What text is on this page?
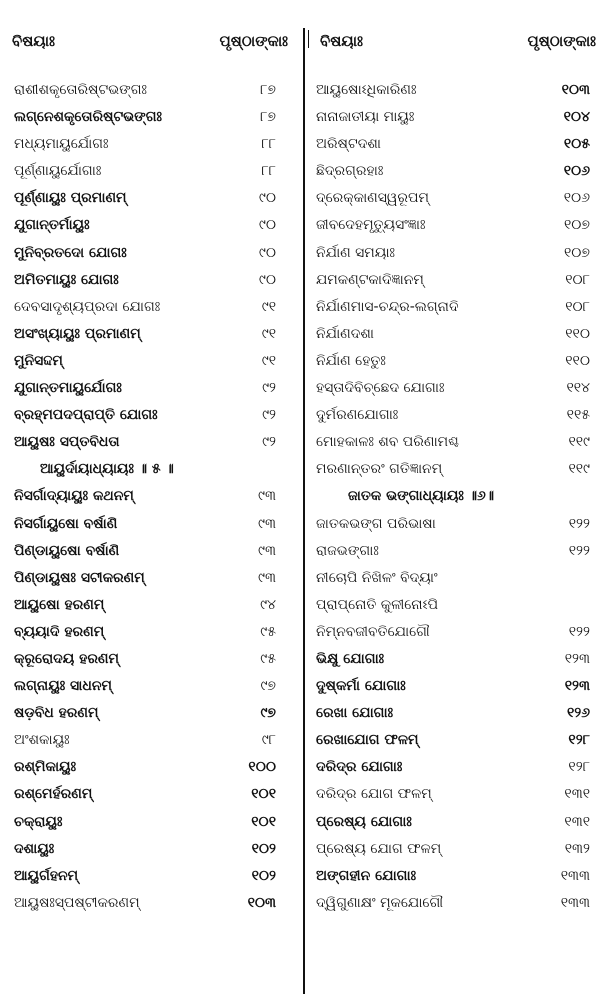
ବିଷୟାଃ	ପୃଷ୍ଠାଙ୍କାଃ
ରାଶୀଶକୃତୋରିଷ୍ଟଭଙ୍ଗଃ	୮୭
ଲଗ୍ନେଶକୃତୋରିଷ୍ଟଭଙ୍ଗଃ	୮୭
ମଧ୍ୟମାୟୁର୍ଯୋଗଃ	୮୮
ପୂର୍ଣ୍ଣାୟୁର୍ଯୋଗାଃ	୮୮
ପୂର୍ଣ୍ଣାୟୁଃ ପ୍ରମାଣମ୍	୯୦
ଯୁଗାନ୍ତର୍ମାୟୁଃ	୯୦
ମୁନିବ୍ରତଦୋ ଯୋଗଃ	୯୦
ଅମିତମାୟୁଃ ଯୋଗଃ	୯୦
ଦେବସାଦୃଶ୍ୟପ୍ରଦା ଯୋଗଃ	୯୧
ଅସଂଖ୍ୟାୟୁଃ ପ୍ରମାଣମ୍	୯୧
ମୁନିସଦ୍ଦମ୍	୯୧
ଯୁଗାନ୍ତମାୟୁର୍ଯୋଗଃ	୯୨
ବ୍ରହ୍ମପଦପ୍ରାପ୍ତି ଯୋଗଃ	୯୨
ଆୟୁଷଃ ସପ୍ତବିଧତା	୯୨
ଆୟୁର୍ଦାୟାଧ୍ୟାୟଃ ॥ ୫ ॥
ନିସର୍ଗାଦ୍ୟାୟୁଃ କଥନମ୍	୯୩
ନିସର୍ଗାୟୁଷୋ ବର୍ଷାଣି	୯୩
ପିଣ୍ଡାୟୁଷୋ ବର୍ଷାଣି	୯୩
ପିଣ୍ଡାୟୁଷଃ ସଟୀକରଣମ୍	୯୩
ଆୟୁଷୋ ହରଣମ୍	୯୪
ବ୍ୟୟାଦି ହରଣମ୍	୯୫
କ୍ରୂରୋଦୟ ହରଣମ୍	୯୫
ଲଗ୍ନାୟୁଃ ସାଧନମ୍	୯୭
ଷଡ଼ବିଧ ହରଣମ୍	୯୭
ଅଂଶକାୟୁଃ	୯୮
ରଶ୍ମିକାୟୁଃ	୧୦୦
ରଶ୍ମେର୍ହରଣମ୍	୧୦୧
ଚକ୍ରାୟୁଃ	୧୦୧
ଦଶାୟୁଃ	୧୦୨
ଆୟୁର୍ଗହନମ୍	୧୦୨
ଆୟୁଷଃସ୍ପଷ୍ଟୀକରଣମ୍	୧୦୩
ବିଷୟାଃ	ପୃଷ୍ଠାଙ୍କାଃ
ଆୟୁଷୋଽଧିକାରିଣଃ	୧୦୩
ନାନାଜାତୀୟା ମାୟୁଃ	୧୦୪
ଅରିଷ୍ଟଦଶା	୧୦୫
ଛିଦ୍ରଗ୍ରହାଃ	୧୦୬
ଦ୍ରେକ୍କାଣସ୍ୱରୂପମ୍	୧୦୬
ଜୀବଦେହମୃତ୍ୟୁସଂଜ୍ଞାଃ	୧୦୭
ନିର୍ଯାଣ ସମୟାଃ	୧୦୭
ଯମକଣ୍ଟକାଦିଜ୍ଞାନମ୍	୧୦୮
ନିର୍ଯାଣମାସ-ଚନ୍ଦ୍ର-ଲଗ୍ନାଦି	୧୦୮
ନିର୍ଯାଣଦଶା	୧୧୦
ନିର୍ଯାଣ ହେତୁଃ	୧୧୦
ହସ୍ତାଦିବିଚ୍ଛେଦ ଯୋଗାଃ	୧୧୪
ଦୁର୍ମରଣଯୋଗାଃ	୧୧୫
ମୋହକାଳଃ ଶବ ପରିଣାମଶ୍ଚ	୧୧୯
ମରଣାନ୍ତରଂ ଗତିଜ୍ଞାନମ୍	୧୧୯
ଜାତକ ଭଙ୍ଗାଧ୍ୟାୟଃ ॥୬॥
ଜାତକଭଙ୍ଗ ପରିଭାଷା	୧୨୨
ରାଜଭଙ୍ଗାଃ	୧୨୨
ନୀଚୋପି ନିଖିଳଂ ବିଦ୍ୟାଂ
ପ୍ରାପ୍ନୋତି କୁଳୀନୋଽପି
ନିମ୍ନବଜୀବତିଯୋଗୌ	୧୨୨
ଭିକ୍ଷୁ ଯୋଗାଃ	୧୨୩
ଦୁଷ୍କର୍ମା ଯୋଗାଃ	୧୨୩
ରେଖା ଯୋଗାଃ	୧୨୬
ରେଖାଯୋଗ ଫଳମ୍	୧୨୮
ଦରିଦ୍ର ଯୋଗାଃ	୧୨୮
ଦରିଦ୍ର ଯୋଗ ଫଳମ୍	୧୩୧
ପ୍ରେଷ୍ୟ ଯୋଗାଃ	୧୩୧
ପ୍ରେଷ୍ୟ ଯୋଗ ଫଳମ୍	୧୩୨
ଅଙ୍ଗହୀନ ଯୋଗାଃ	୧୩୩
ଦ୍ୱିଗୁଣାକ୍ଷଂ ମୂକଯୋଗୌ	୧୩୩
